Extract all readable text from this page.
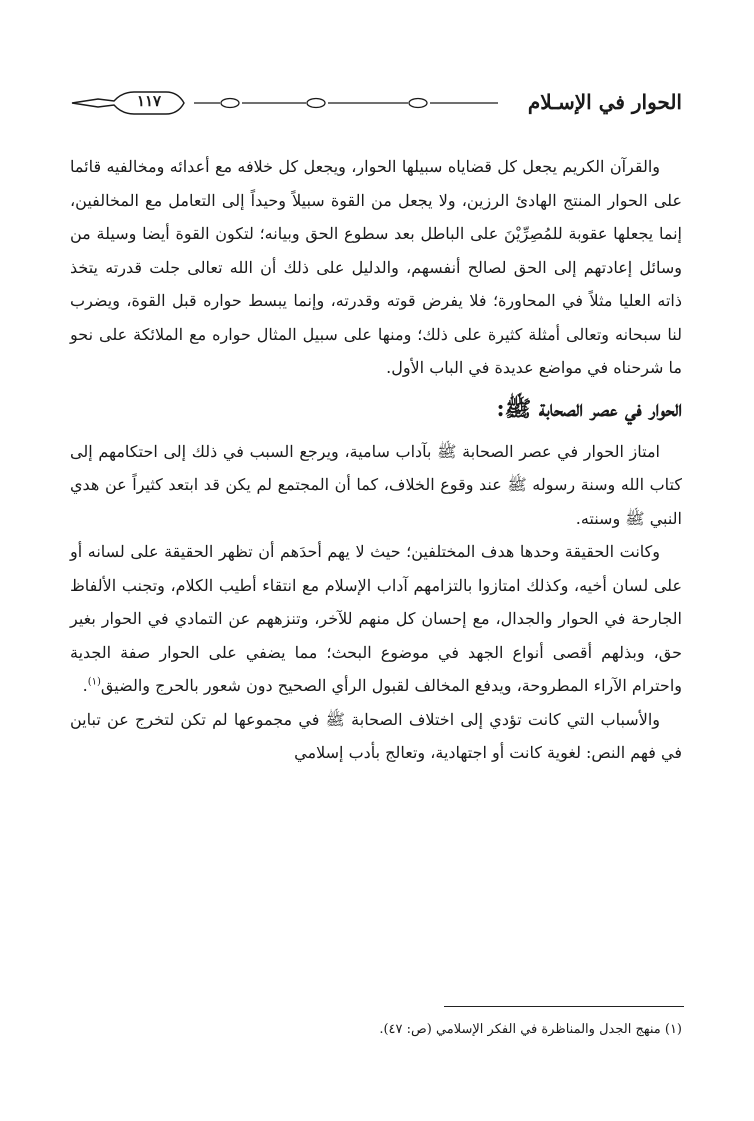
١١٧	الحوار في الإسـلام

والقرآن الكريم يجعل كل قضاياه سبيلها الحوار، ويجعل كل خلافه مع أعدائه ومخالفيه قائما على الحوار المنتج الهادئ الرزين، ولا يجعل من القوة سبيلاً وحيداً إلى التعامل مع المخالفين، إنما يجعلها عقوبة للمُصِرِّيْنَ على الباطل بعد سطوع الحق وبيانه؛ لتكون القوة أيضا وسيلة من وسائل إعادتهم إلى الحق لصالح أنفسهم، والدليل على ذلك أن الله تعالى جلت قدرته يتخذ ذاته العليا مثلاً في المحاورة؛ فلا يفرض قوته وقدرته، وإنما يبسط حواره قبل القوة، ويضرب لنا سبحانه وتعالى أمثلة كثيرة على ذلك؛ ومنها على سبيل المثال حواره مع الملائكة على نحو ما شرحناه في مواضع عديدة في الباب الأول.

الحوار في عصر الصحابة ﷺ:

امتاز الحوار في عصر الصحابة ﷺ بآداب سامية، ويرجع السبب في ذلك إلى احتكامهم إلى كتاب الله وسنة رسوله ﷺ عند وقوع الخلاف، كما أن المجتمع لم يكن قد ابتعد كثيراً عن هدي النبي ﷺ وسنته.

وكانت الحقيقة وحدها هدف المختلفين؛ حيث لا يهم أحدَهم أن تظهر الحقيقة على لسانه أو على لسان أخيه، وكذلك امتازوا بالتزامهم آداب الإسلام مع انتقاء أطيب الكلام، وتجنب الألفاظ الجارحة في الحوار والجدال، مع إحسان كل منهم للآخر، وتنزههم عن التمادي في الحوار بغير حق، وبذلهم أقصى أنواع الجهد في موضوع البحث؛ مما يضفي على الحوار صفة الجدية واحترام الآراء المطروحة، ويدفع المخالف لقبول الرأي الصحيح دون شعور بالحرج والضيق$^{(١)}$.

والأسباب التي كانت تؤدي إلى اختلاف الصحابة ﷺ في مجموعها لم تكن لتخرج عن تباين في فهم النص: لغوية كانت أو اجتهادية، وتعالج بأدب إسلامي

(١) منهج الجدل والمناظرة في الفكر الإسلامي (ص: ٤٧).
